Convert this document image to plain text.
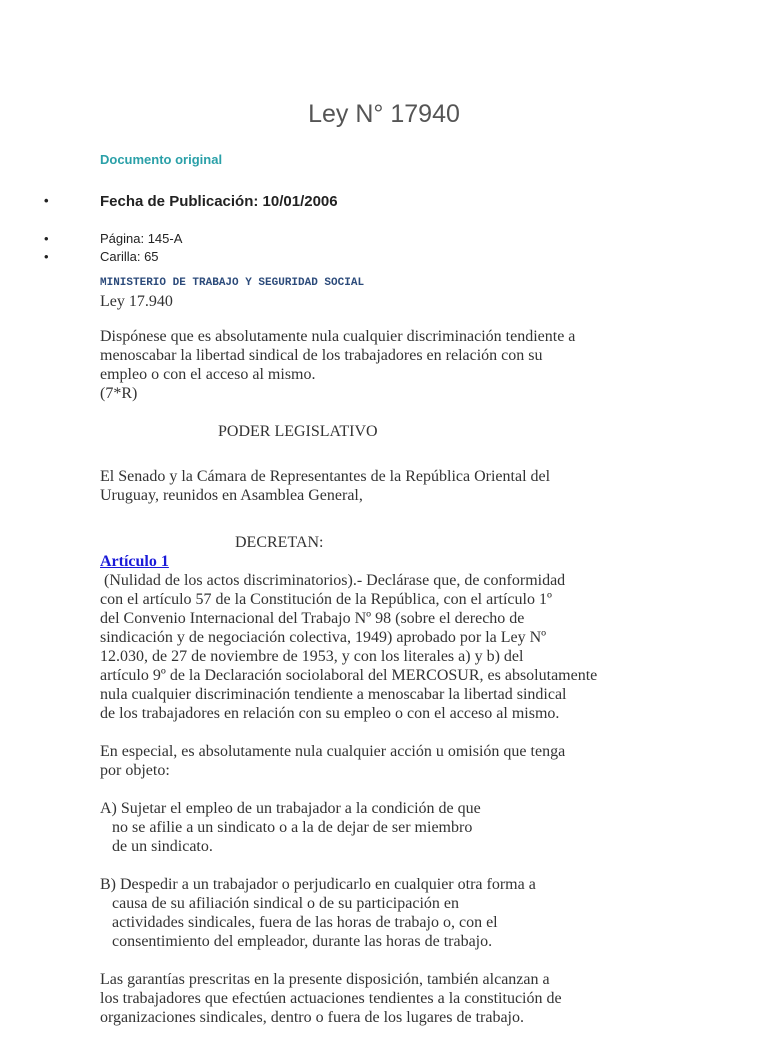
Ley N° 17940
Documento original
• Fecha de Publicación: 10/01/2006
• Página: 145-A
• Carilla: 65
MINISTERIO DE TRABAJO Y SEGURIDAD SOCIAL

Ley 17.940

Dispónese que es absolutamente nula cualquier discriminación tendiente a
menoscabar la libertad sindical de los trabajadores en relación con su
empleo o con el acceso al mismo.
(7*R)

PODER LEGISLATIVO

El Senado y la Cámara de Representantes de la República Oriental del
Uruguay, reunidos en Asamblea General,

DECRETAN:

Artículo 1
(Nulidad de los actos discriminatorios).- Declárase que, de conformidad
con el artículo 57 de la Constitución de la República, con el artículo 1º
del Convenio Internacional del Trabajo Nº 98 (sobre el derecho de
sindicación y de negociación colectiva, 1949) aprobado por la Ley Nº
12.030, de 27 de noviembre de 1953, y con los literales a) y b) del
artículo 9º de la Declaración sociolaboral del MERCOSUR, es absolutamente
nula cualquier discriminación tendiente a menoscabar la libertad sindical
de los trabajadores en relación con su empleo o con el acceso al mismo.

En especial, es absolutamente nula cualquier acción u omisión que tenga
por objeto:

A) Sujetar el empleo de un trabajador a la condición de que
no se afilie a un sindicato o a la de dejar de ser miembro
de un sindicato.

B) Despedir a un trabajador o perjudicarlo en cualquier otra forma a
causa de su afiliación sindical o de su participación en
actividades sindicales, fuera de las horas de trabajo o, con el
consentimiento del empleador, durante las horas de trabajo.

Las garantías prescritas en la presente disposición, también alcanzan a
los trabajadores que efectúen actuaciones tendientes a la constitución de
organizaciones sindicales, dentro o fuera de los lugares de trabajo.
